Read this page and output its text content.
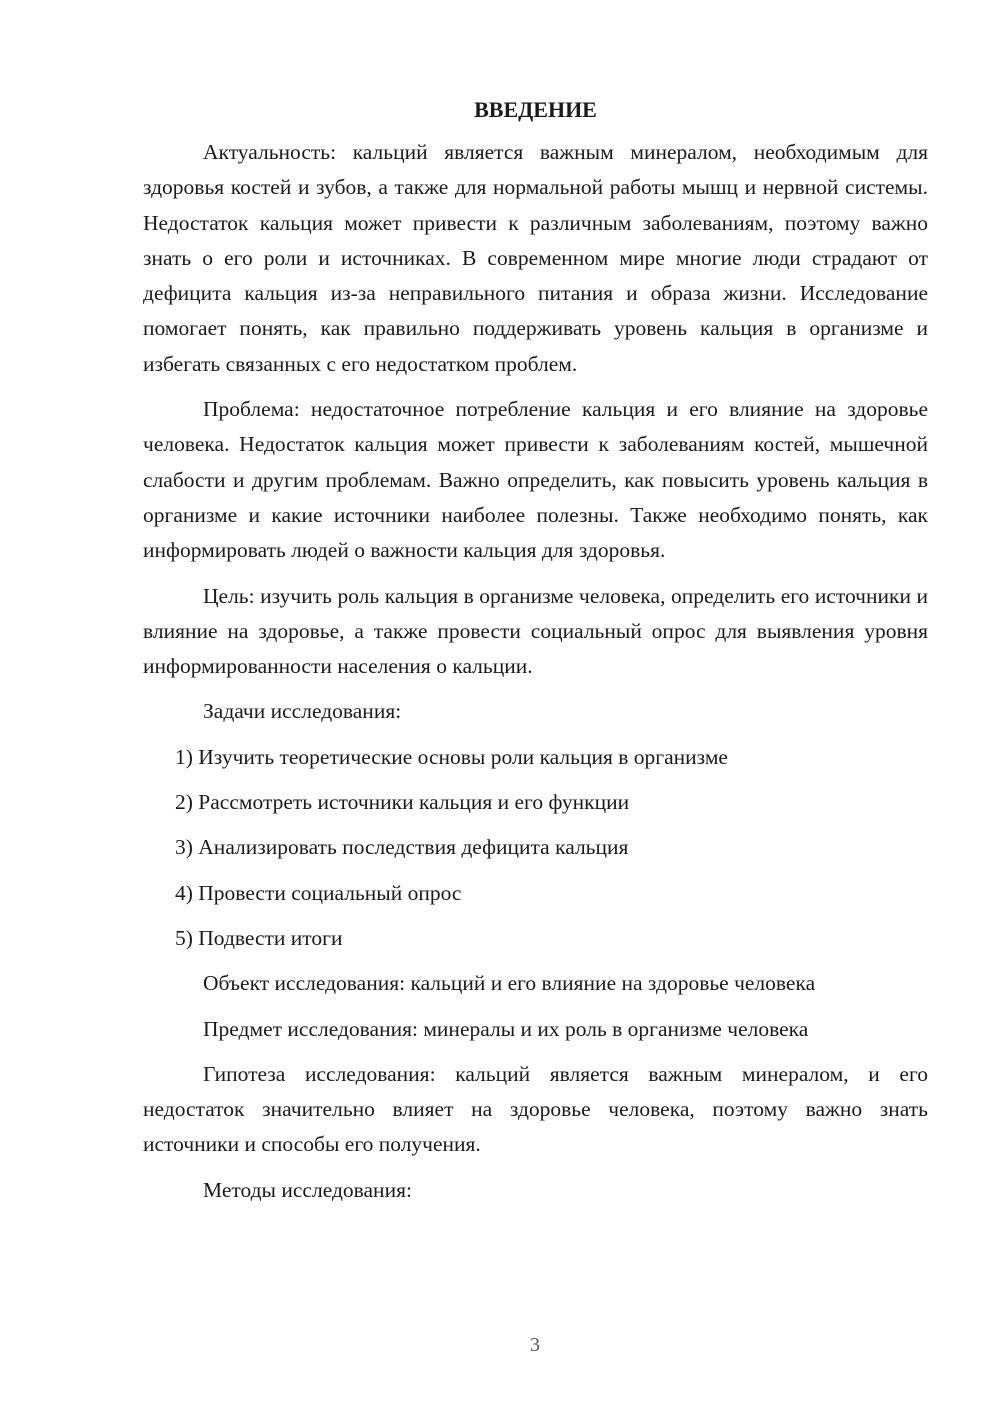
ВВЕДЕНИЕ

Актуальность: кальций является важным минералом, необходимым для здоровья костей и зубов, а также для нормальной работы мышц и нервной системы. Недостаток кальция может привести к различным заболеваниям, поэтому важно знать о его роли и источниках. В современном мире многие люди страдают от дефицита кальция из-за неправильного питания и образа жизни. Исследование помогает понять, как правильно поддерживать уровень кальция в организме и избегать связанных с его недостатком проблем.

Проблема: недостаточное потребление кальция и его влияние на здоровье человека. Недостаток кальция может привести к заболеваниям костей, мышечной слабости и другим проблемам. Важно определить, как повысить уровень кальция в организме и какие источники наиболее полезны. Также необходимо понять, как информировать людей о важности кальция для здоровья.

Цель: изучить роль кальция в организме человека, определить его источники и влияние на здоровье, а также провести социальный опрос для выявления уровня информированности населения о кальции.

Задачи исследования:

1) Изучить теоретические основы роли кальция в организме

2) Рассмотреть источники кальция и его функции

3) Анализировать последствия дефицита кальция

4) Провести социальный опрос

5) Подвести итоги

Объект исследования: кальций и его влияние на здоровье человека

Предмет исследования: минералы и их роль в организме человека

Гипотеза исследования: кальций является важным минералом, и его недостаток значительно влияет на здоровье человека, поэтому важно знать источники и способы его получения.

Методы исследования:

3
